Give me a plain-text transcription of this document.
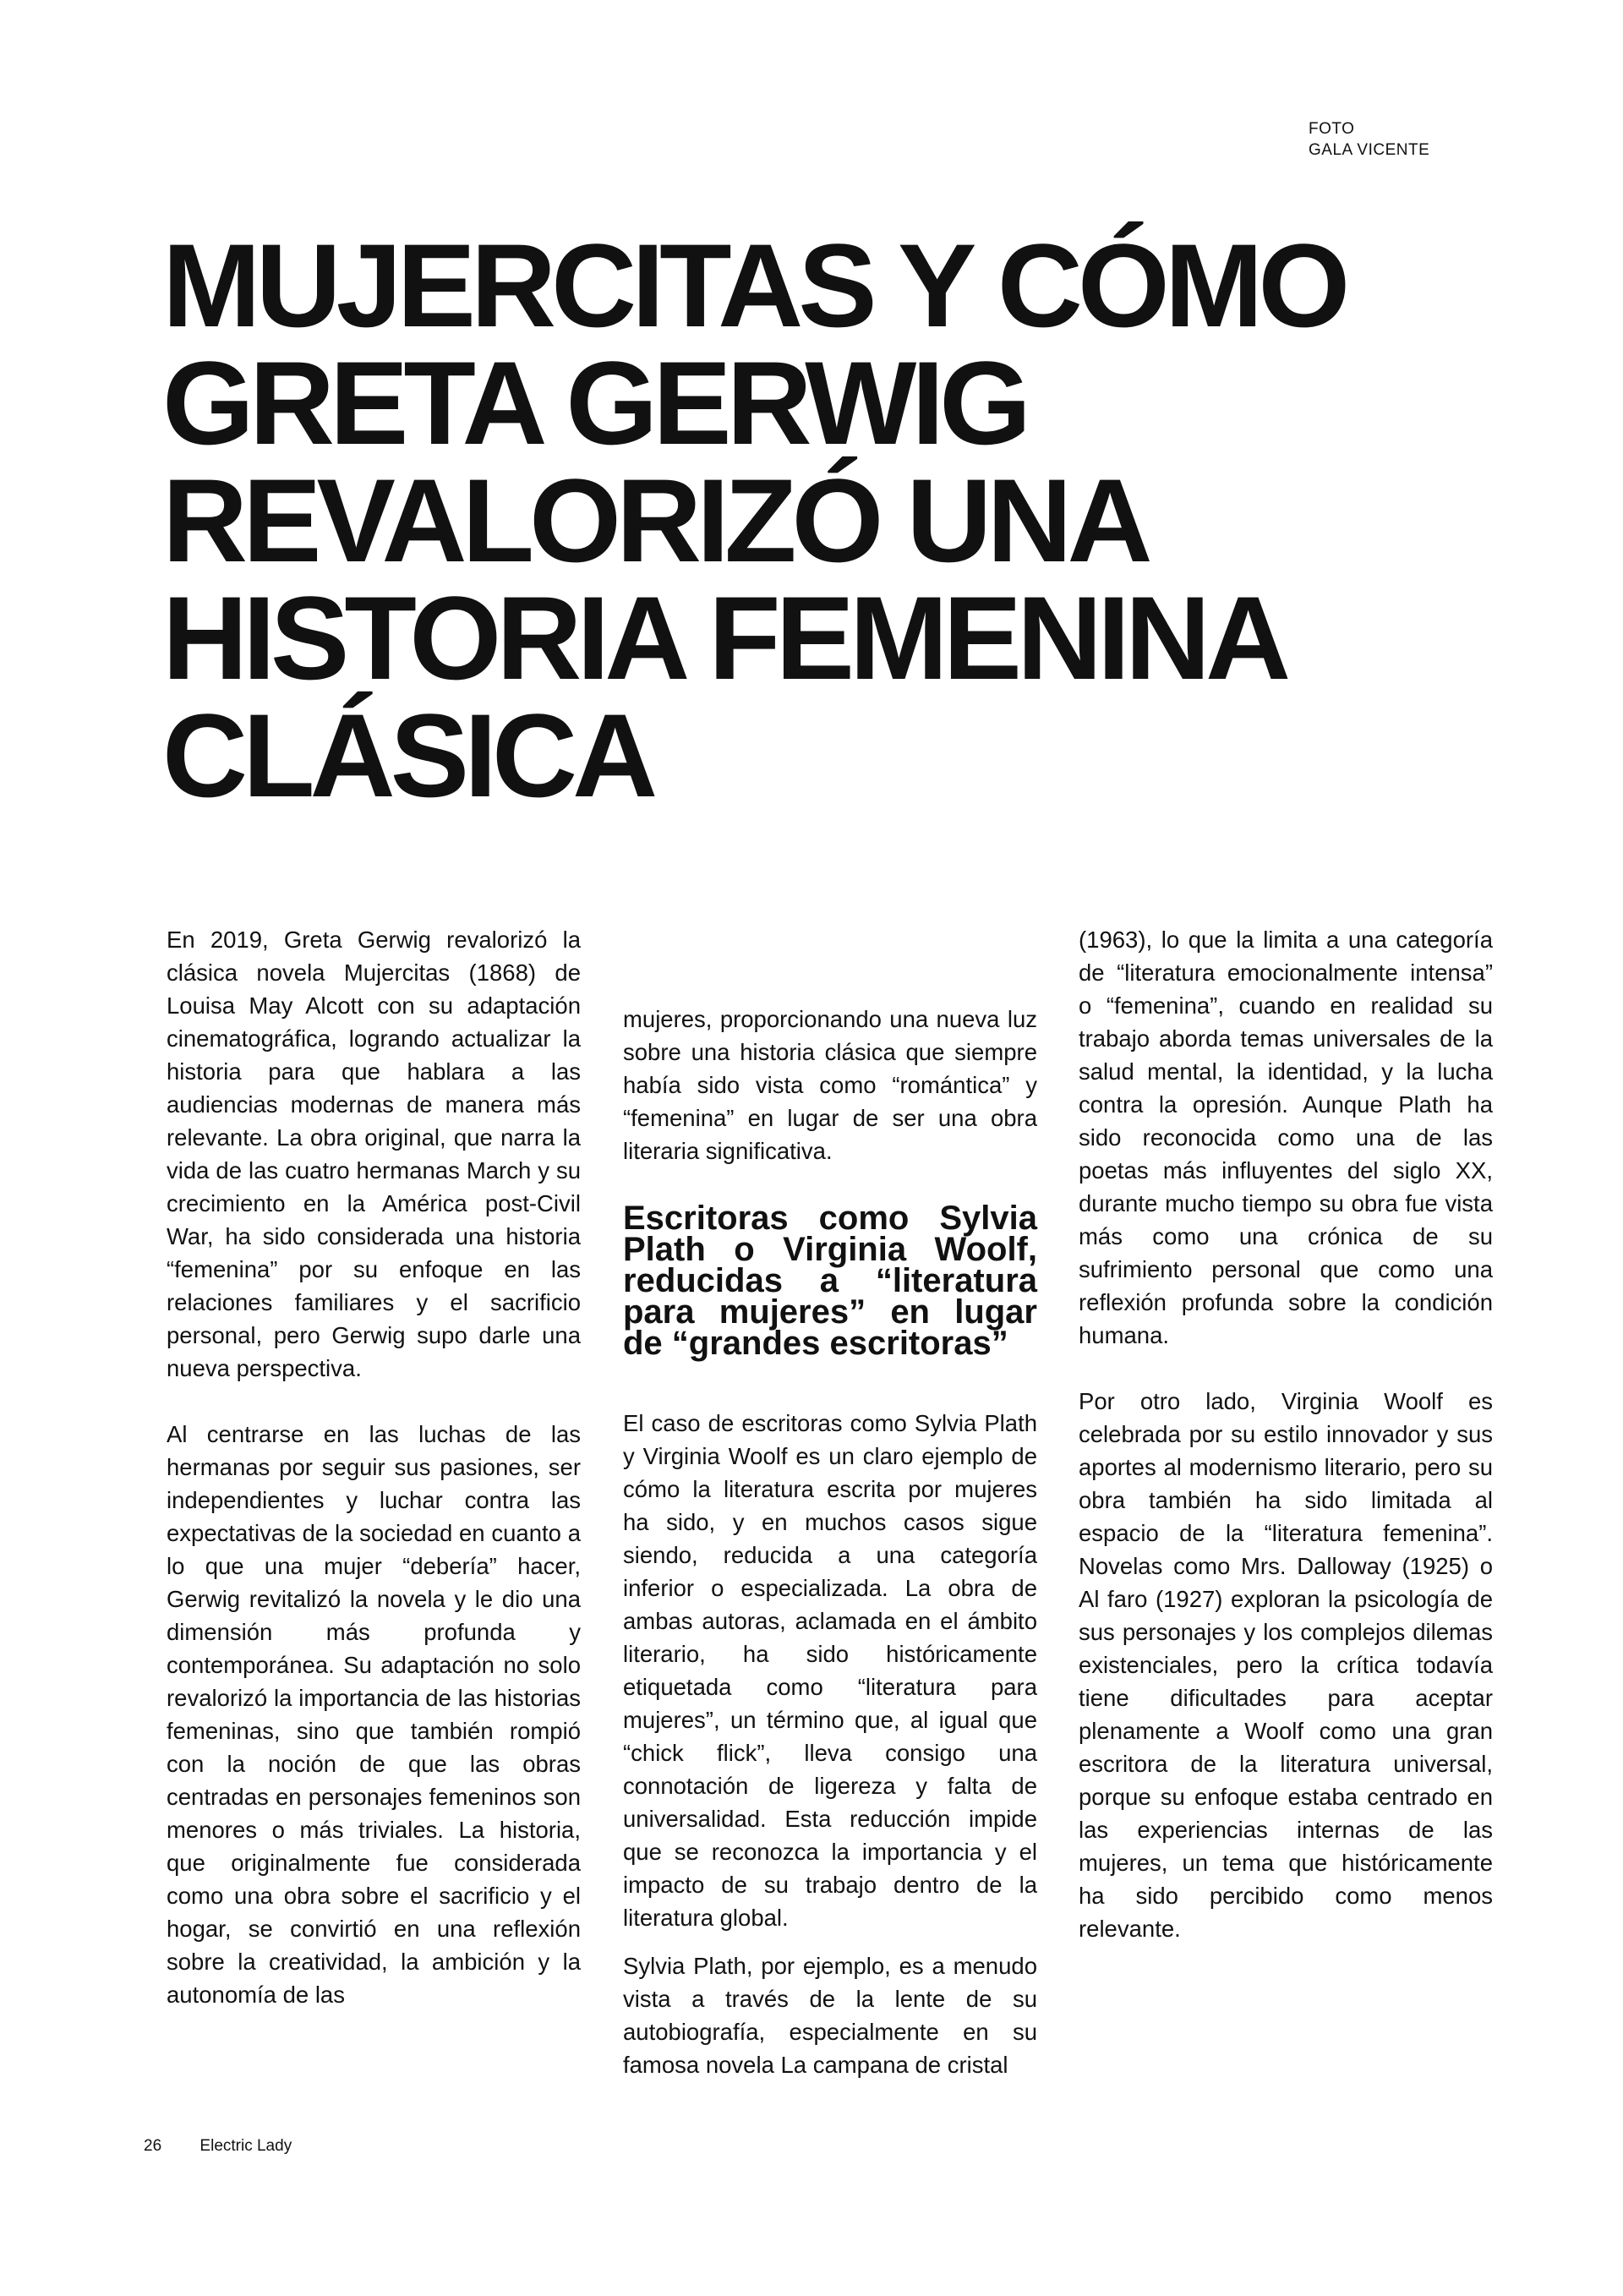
FOTO
GALA VICENTE
MUJERCITAS Y CÓMO
GRETA GERWIG
REVALORIZÓ UNA
HISTORIA FEMENINA
CLÁSICA

En 2019, Greta Gerwig revalorizó la clásica novela Mujercitas (1868) de Louisa May Alcott con su adaptación cinematográfica, logrando actualizar la historia para que hablara a las audiencias modernas de manera más relevante. La obra original, que narra la vida de las cuatro hermanas March y su crecimiento en la América post-Civil War, ha sido considerada una historia “femenina” por su enfoque en las relaciones familiares y el sacrificio personal, pero Gerwig supo darle una nueva perspectiva.

Al centrarse en las luchas de las hermanas por seguir sus pasiones, ser independientes y luchar contra las expectativas de la sociedad en cuanto a lo que una mujer “debería” hacer, Gerwig revitalizó la novela y le dio una dimensión más profunda y contemporánea. Su adaptación no solo revalorizó la importancia de las historias femeninas, sino que también rompió con la noción de que las obras centradas en personajes femeninos son menores o más triviales. La historia, que originalmente fue considerada como una obra sobre el sacrificio y el hogar, se convirtió en una reflexión sobre la creatividad, la ambición y la autonomía de las

mujeres, proporcionando una nueva luz sobre una historia clásica que siempre había sido vista como “romántica” y “femenina” en lugar de ser una obra literaria significativa.

Escritoras como Sylvia Plath o Virginia Woolf, reducidas a “literatura para mujeres” en lugar de “grandes escritoras”

El caso de escritoras como Sylvia Plath y Virginia Woolf es un claro ejemplo de cómo la literatura escrita por mujeres ha sido, y en muchos casos sigue siendo, reducida a una categoría inferior o especializada. La obra de ambas autoras, aclamada en el ámbito literario, ha sido históricamente etiquetada como “literatura para mujeres”, un término que, al igual que “chick flick”, lleva consigo una connotación de ligereza y falta de universalidad. Esta reducción impide que se reconozca la importancia y el impacto de su trabajo dentro de la literatura global.

Sylvia Plath, por ejemplo, es a menudo vista a través de la lente de su autobiografía, especialmente en su famosa novela La campana de cristal

(1963), lo que la limita a una categoría de “literatura emocionalmente intensa” o “femenina”, cuando en realidad su trabajo aborda temas universales de la salud mental, la identidad, y la lucha contra la opresión. Aunque Plath ha sido reconocida como una de las poetas más influyentes del siglo XX, durante mucho tiempo su obra fue vista más como una crónica de su sufrimiento personal que como una reflexión profunda sobre la condición humana.

Por otro lado, Virginia Woolf es celebrada por su estilo innovador y sus aportes al modernismo literario, pero su obra también ha sido limitada al espacio de la “literatura femenina”. Novelas como Mrs. Dalloway (1925) o Al faro (1927) exploran la psicología de sus personajes y los complejos dilemas existenciales, pero la crítica todavía tiene dificultades para aceptar plenamente a Woolf como una gran escritora de la literatura universal, porque su enfoque estaba centrado en las experiencias internas de las mujeres, un tema que históricamente ha sido percibido como menos relevante.

26 Electric Lady
